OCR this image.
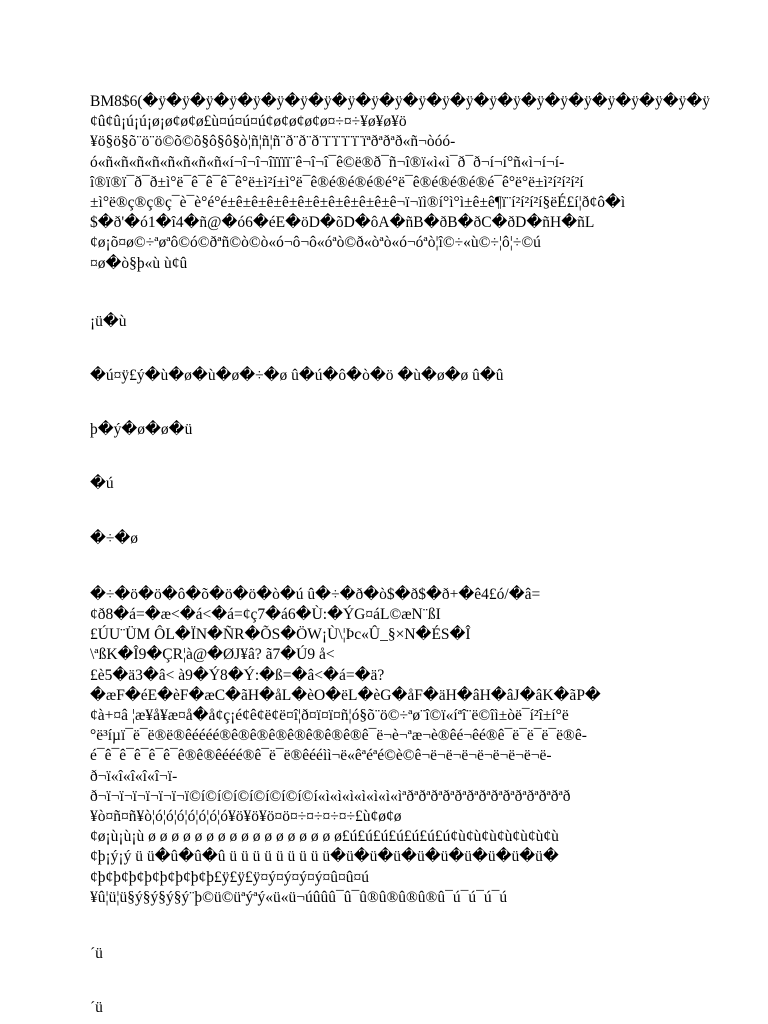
BM8$6(�ÿ�ÿ�ÿ�ÿ�ÿ�ÿ�ÿ�ÿ�ÿ�ÿ�ÿ�ÿ�ÿ�ÿ�ÿ�ÿ�ÿ�ÿ�ÿ�ÿ�ÿ�ÿ�ÿ�ÿ
¢û¢û¡ú¡ú¡ø¡ø¢ø¢ø£ù¤ú¤ú¤ú¢ø¢ø¢ø¢ø¤÷¤÷¥ø¥ø¥ö
¥ö§ö§õ¨ö¨ö©õ©õ§ô§ô§ò¦ñ¦ñ¦ñ¨ð¨ð¨ð¨ï¨ï¨ï¨ï¨ïªðªðªð«ñ¬òóó-
ó«ñ«ñ«ñ«ñ«ñ«ñ«ñ«ñ«í¬î¬î¬îïïïï¨ê¬î¬î¯ê©ë®ð¯ñ¬î®ï«ì«ì¯ð¯ð¬í¬í°ñ«ì¬í¬í-
î®ï®ï¯ð¯ð±ì°ë¯ê¯ê¯ê¯ê°ë±ì²í±ì°ë¯ê®é®é®é®é°ë¯ê®é®é®é®é¯ê°ë°ë±ì²í²í²í²í
±ì°ë®ç®ç®ç¯è¯è°é°é±ê±ê±ê±ê±ê±ê±ê±ê±ê±ê±ê¬ï¬ïì®í°ì°ì±ê±ê¶ï¨í²í²í²í§ëÉ£í¦ð¢ô�ì
$�ð'�ó1�î4�ñ@�ó6�éE�öD�õD�ôA�ñB�ðB�ðC�ðD�ñH�ñL
¢ø¡õ¤ø©÷ªøªô©ó©ðªñ©ò©ò«ó¬ô¬ô«óªò©ð«òªò«ó¬óªò¦î©÷«ù©÷¦ô¦÷©ú
¤ø�ò§þ«ù ù¢û
¡ü�ù
�ú¤ÿ£ý�ù�ø�ù�ø�÷�ø û�ú�ô�ò�ö �ù�ø�ø û�û
þ�ý�ø�ø�ü
�ú
�÷�ø
�÷�ö�ö�ô�õ�ö�ö�ò�ú û�÷�ð�ò$�ð$�ð+�ê4£ó/�â=
¢ð8�á=�æ<�á<�á=¢ç7�á6�Ù:�ÝG¤áL©æN¨ßI
£ÚU¨ÜM ÔL�ÏN�ÑR�ÕS�ÖW¡Ù\¦Þc«Û_§×N�ÉS�Î
\ªßK�Î9�ÇR¦à@�ØJ¥â? ã7�Ú9 å<
£è5�ä3�â< à9�Ý8�Ý:�ß=�â<�á=�ä?
�æF�éE�èF�æC�ãH�åL�èO�ëL�èG�åF�äH�âH�âJ�âK�ãP�
¢à+¤â ¦æ¥å¥æ¤å�å¢ç¡é¢ê¢ë¢ë¤î¦ð¤ï¤ï¤ñ¦ó§õ¨ö©÷ªø¨î©ï«íªî¨ë©îì±òë¯í²î±í°ë
°ë³íµï¯ë¯ë®ë®êéééé®ê®ê®ê®ê®ê®ê®ê®ê¯ë¬è¬ªæ¬è®êé¬êé®ê¯ë¯ë¯ë¯ë®ê-
é¯ê¯ê¯ê¯ê¯ê¯ê®ê®êééé®ê¯ë¯ë®êééìì¬ë«êªéªé©è©ê¬ë¬ë¬ë¬ë¬ë¬ë¬ë¬ë-
ð¬ï«î«î«î«î¬ï-
ð¬ï¬ï¬ï¬ï¬ï¬ï¬ï©í©í©í©í©í©í©í©í«ì«ì«ì«ì«ì«ì«ìªðªðªðªðªðªðªðªðªðªðªðªðªðªð
¥ò¤ñ¤ñ¥ò¦ó¦ó¦ó¦ó¦ó¦ó¦ó¥ö¥ö¥ö¤ö¤÷¤÷¤÷¤÷£ù¢ø¢ø
¢ø¡ù¡ù¡ù ø ø ø ø ø ø ø ø ø ø ø ø ø ø ø ø ø£ú£ú£ú£ú£ú£ú£ú¢ù¢ù¢ù¢ù¢ù¢ù¢ù
¢þ¡ý¡ý ü ü�û�û�û ü ü ü ü ü ü ü ü ü�ü�ü�ü�ü�ü�ü�ü�ü�ü�
¢þ¢þ¢þ¢þ¢þ¢þ¢þ¢þ£ÿ£ÿ£ÿ¤ý¤ý¤ý¤ý¤û¤û¤ú
¥û¦ü¦ü§ý§ý§ý§ý¨þ©ü©üªýªý«ü«ü¬úûûû¯û¯û®û®û®û®û¯ú¯ú¯ú¯ú
´ü
´ü
